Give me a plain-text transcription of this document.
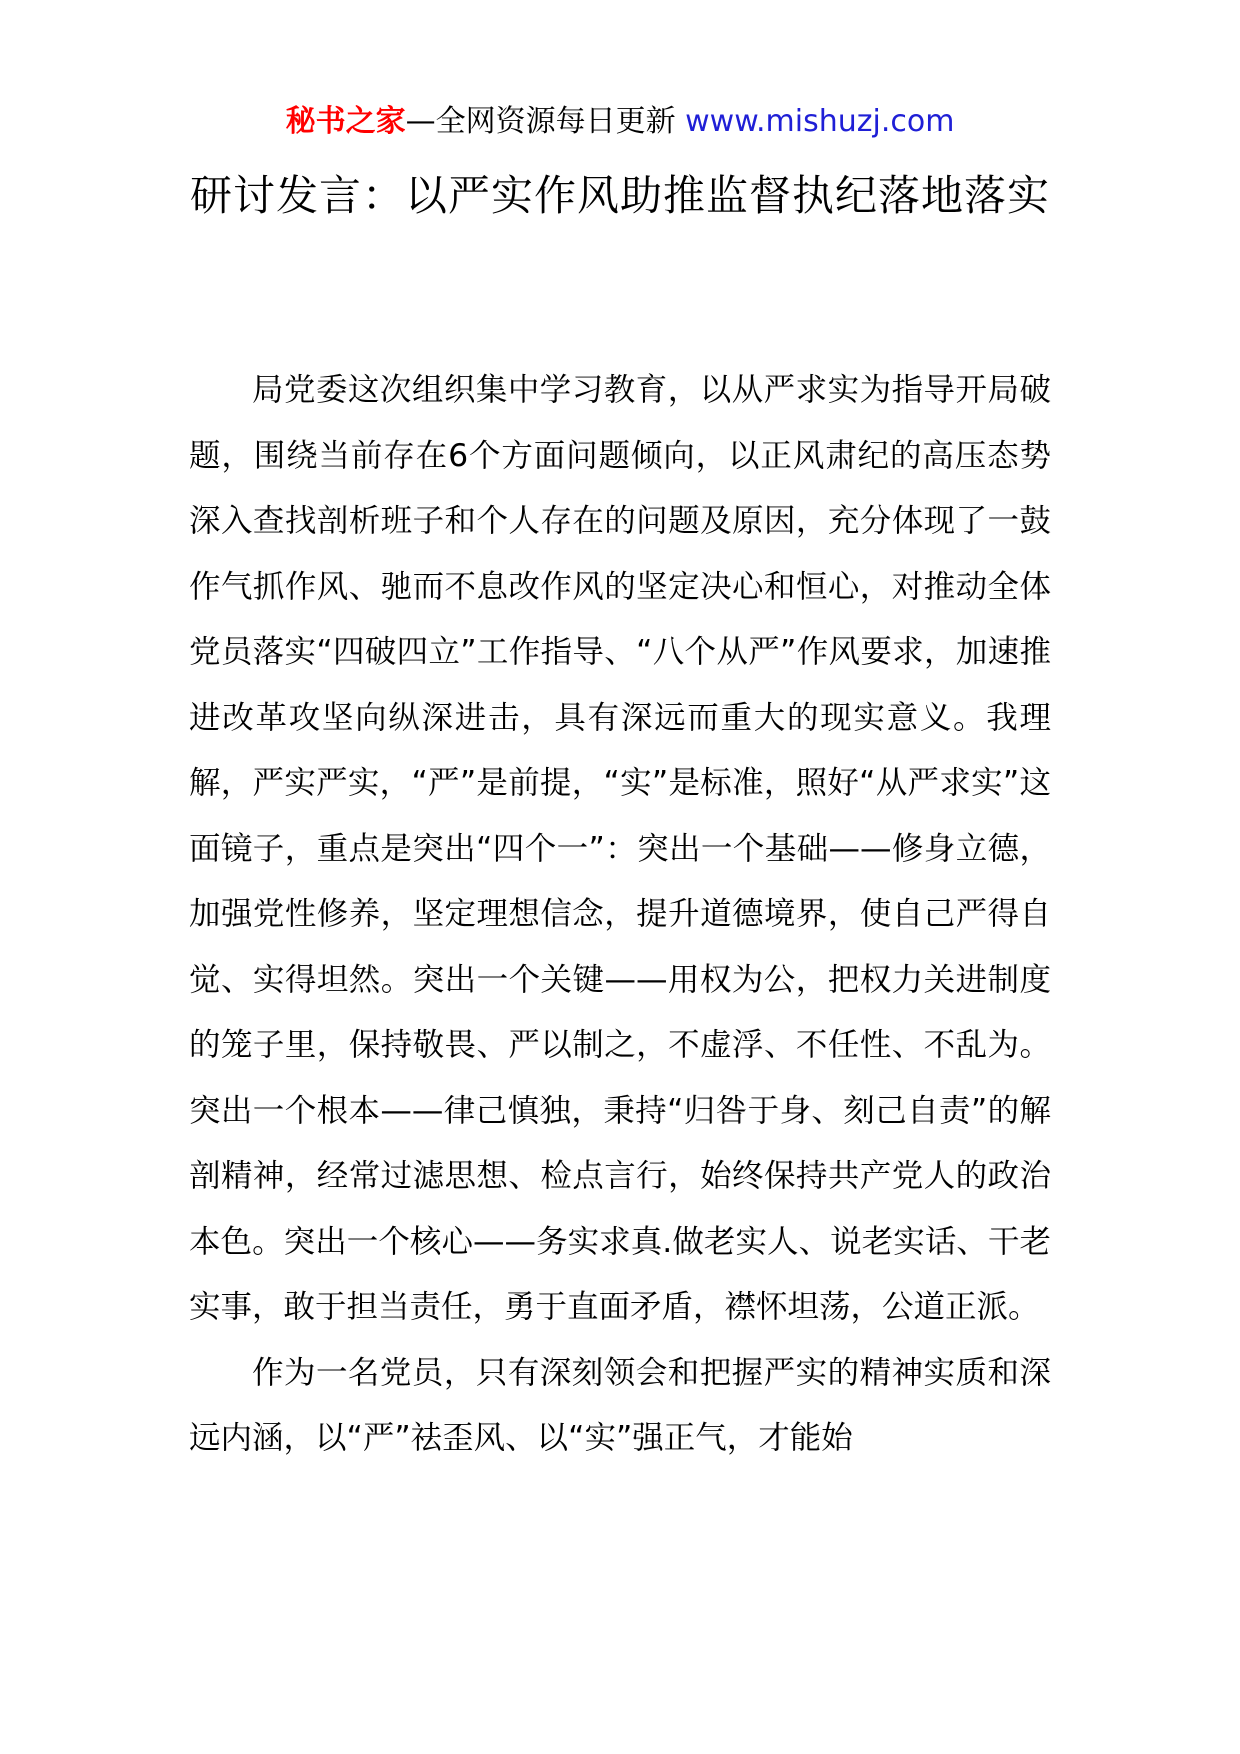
秘书之家—全网资源每日更新 www.mishuzj.com
研讨发言：以严实作风助推监督执纪落地落实

局党委这次组织集中学习教育，以从严求实为指导开局破题，围绕当前存在6个方面问题倾向，以正风肃纪的高压态势深入查找剖析班子和个人存在的问题及原因，充分体现了一鼓作气抓作风、驰而不息改作风的坚定决心和恒心，对推动全体党员落实“四破四立”工作指导、“八个从严”作风要求，加速推进改革攻坚向纵深进击，具有深远而重大的现实意义。我理解，严实严实，“严”是前提，“实”是标准，照好“从严求实”这面镜子，重点是突出“四个一”：突出一个基础——修身立德，加强党性修养，坚定理想信念，提升道德境界，使自己严得自觉、实得坦然。突出一个关键——用权为公，把权力关进制度的笼子里，保持敬畏、严以制之，不虚浮、不任性、不乱为。突出一个根本——律己慎独，秉持“归咎于身、刻己自责”的解剖精神，经常过滤思想、检点言行，始终保持共产党人的政治本色。突出一个核心——务实求真.做老实人、说老实话、干老实事，敢于担当责任，勇于直面矛盾，襟怀坦荡，公道正派。

作为一名党员，只有深刻领会和把握严实的精神实质和深远内涵，以“严”祛歪风、以“实”强正气，才能始
